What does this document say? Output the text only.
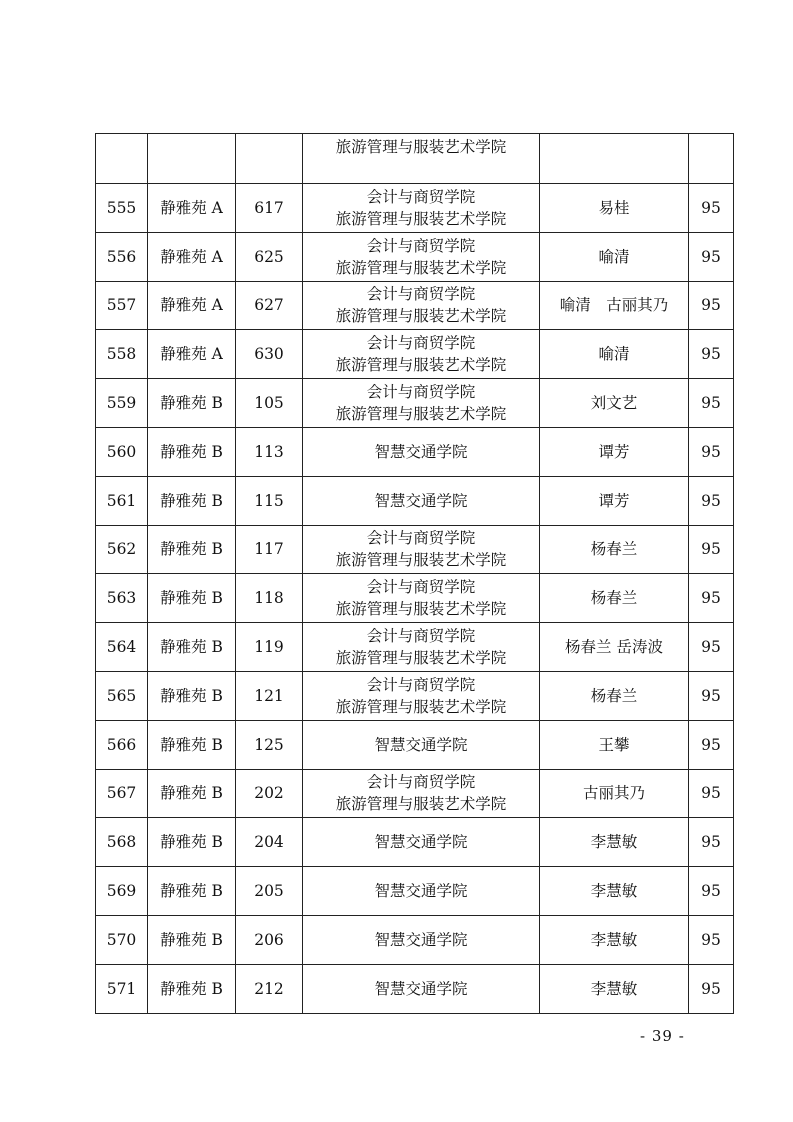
			旅游管理与服装艺术学院		

555	静雅苑 A	617	会计与商贸学院
旅游管理与服装艺术学院	易桂	95
556	静雅苑 A	625	会计与商贸学院
旅游管理与服装艺术学院	喻清	95
557	静雅苑 A	627	会计与商贸学院
旅游管理与服装艺术学院	喻清　古丽其乃	95
558	静雅苑 A	630	会计与商贸学院
旅游管理与服装艺术学院	喻清	95
559	静雅苑 B	105	会计与商贸学院
旅游管理与服装艺术学院	刘文艺	95
560	静雅苑 B	113	智慧交通学院	谭芳	95
561	静雅苑 B	115	智慧交通学院	谭芳	95
562	静雅苑 B	117	会计与商贸学院
旅游管理与服装艺术学院	杨春兰	95
563	静雅苑 B	118	会计与商贸学院
旅游管理与服装艺术学院	杨春兰	95
564	静雅苑 B	119	会计与商贸学院
旅游管理与服装艺术学院	杨春兰 岳涛波	95
565	静雅苑 B	121	会计与商贸学院
旅游管理与服装艺术学院	杨春兰	95
566	静雅苑 B	125	智慧交通学院	王攀	95
567	静雅苑 B	202	会计与商贸学院
旅游管理与服装艺术学院	古丽其乃	95
568	静雅苑 B	204	智慧交通学院	李慧敏	95
569	静雅苑 B	205	智慧交通学院	李慧敏	95
570	静雅苑 B	206	智慧交通学院	李慧敏	95
571	静雅苑 B	212	智慧交通学院	李慧敏	95
- 39 -
